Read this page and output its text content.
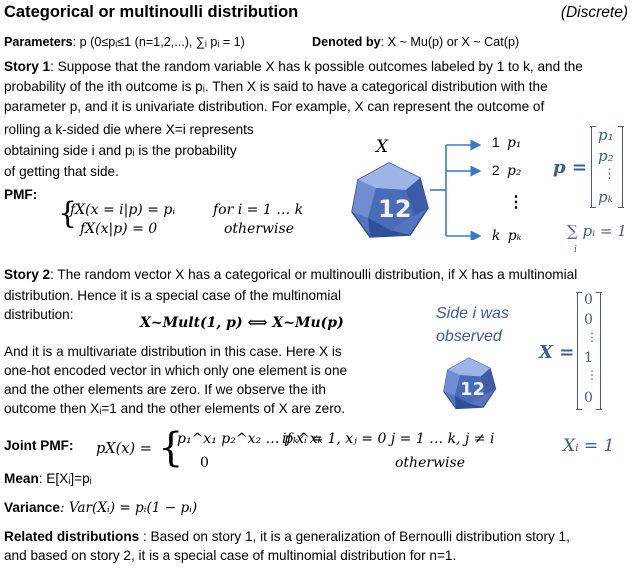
Categorical or multinoulli distribution	(Discrete)
Parameters: p (0≤pᵢ≤1 (n=1,2,...), ∑ᵢ pᵢ = 1)	Denoted by: X ~ Mu(p) or X ~ Cat(p)
Story 1: Suppose that the random variable X has k possible outcomes labeled by 1 to k, and the
probability of the ith outcome is pᵢ. Then X is said to have a categorical distribution with the
parameter p, and it is univariate distribution. For example, X can represent the outcome of
rolling a k-sided die where X=i represents
obtaining side i and pᵢ is the probability
of getting that side.
X
12
1 p₁
2 p₂
⋮
k pₖ
p =
p₁
p₂
⋮
pₖ
∑ pᵢ = 1
i
PMF:
{
fX(x = i|p) = pᵢ	for i = 1 … k
fX(x|p) = 0	otherwise
Story 2: The random vector X has a categorical or multinoulli distribution, if X has a multinomial
distribution. Hence it is a special case of the multinomial
distribution:
X~Mult(1, p) ⟺ X~Mu(p)
And it is a multivariate distribution in this case. Here X is
one-hot encoded vector in which only one element is one
and the other elements are zero. If we observe the ith
outcome then Xᵢ=1 and the other elements of X are zero.
Side i was
observed
12
X =
0
0
⋮
1
⋮
0
Xᵢ = 1
Joint PMF: pX(x) = {
p₁^x₁ p₂^x₂ … pₖ^xₖ
if xᵢ = 1, xⱼ = 0 j = 1 … k, j ≠ i
0	otherwise
Mean: E[Xᵢ]=pᵢ
Variance: Var(Xᵢ) = pᵢ(1 − pᵢ)
Related distributions : Based on story 1, it is a generalization of Bernoulli distribution story 1,
and based on story 2, it is a special case of multinomial distribution for n=1.
